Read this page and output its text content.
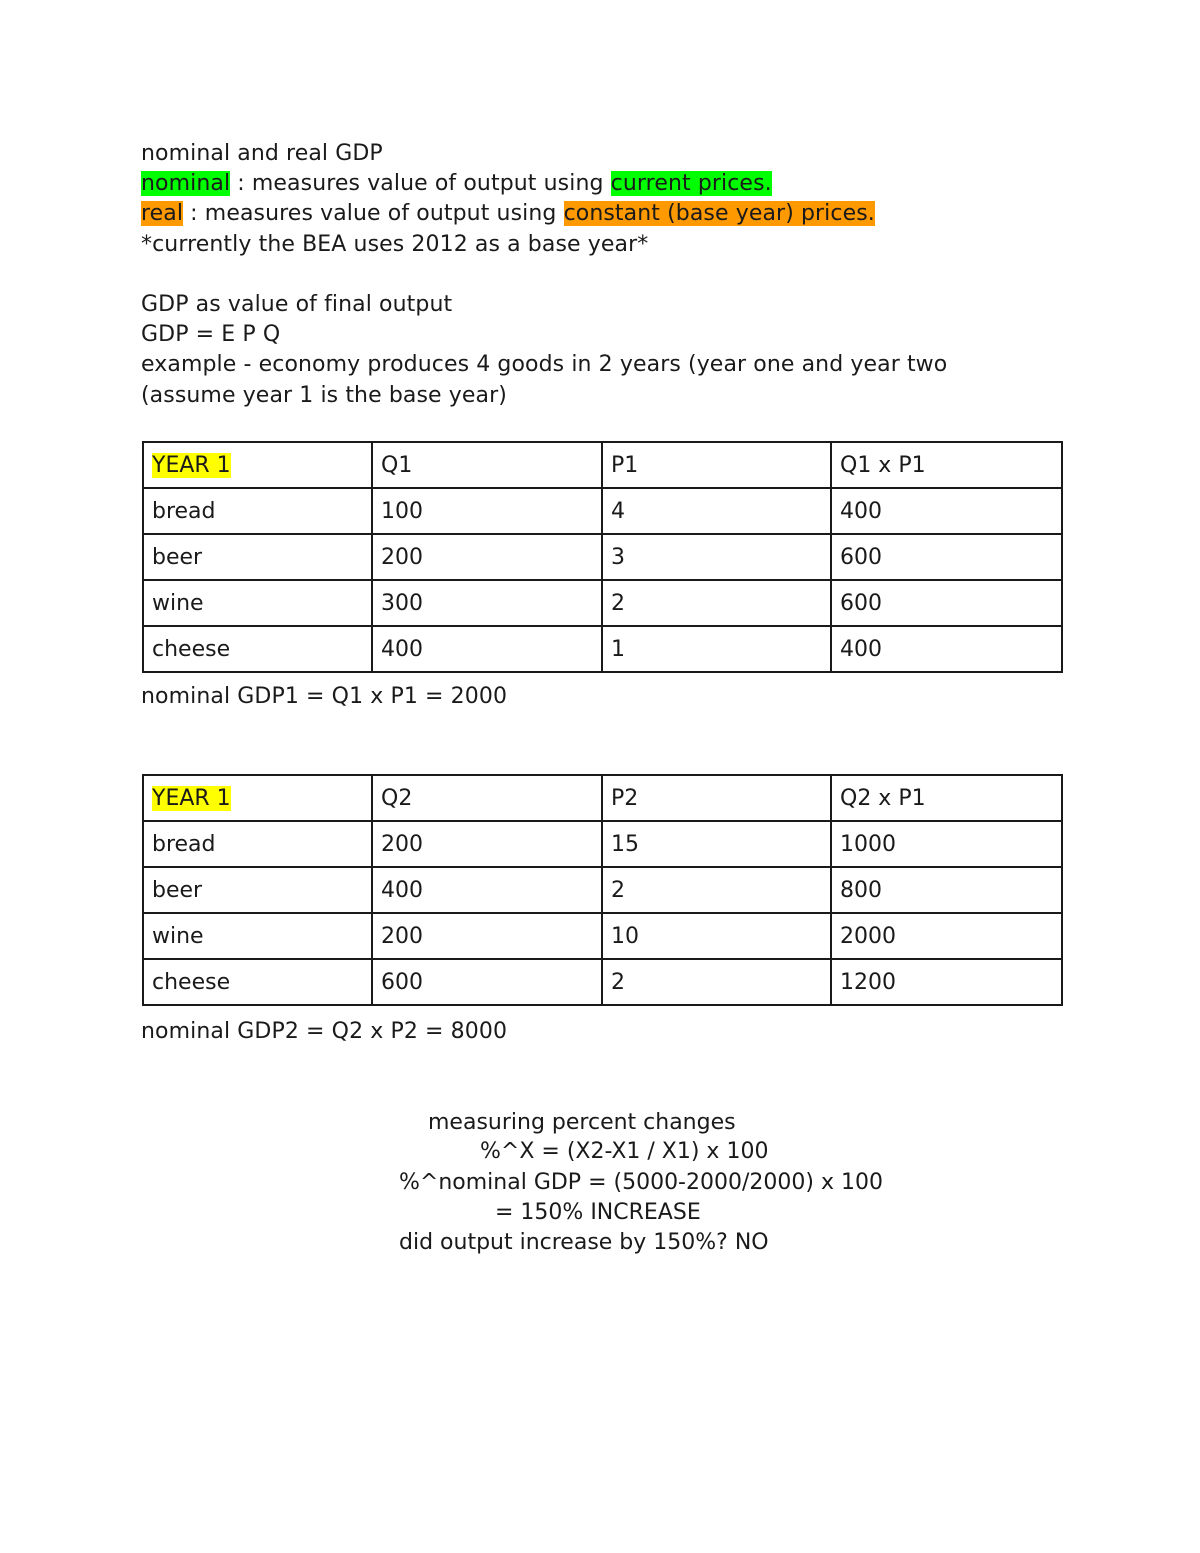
nominal and real GDP
nominal : measures value of output using current prices.
real : measures value of output using constant (base year) prices.
*currently the BEA uses 2012 as a base year*
GDP as value of final output
GDP = E P Q
example - economy produces 4 goods in 2 years (year one and year two
(assume year 1 is the base year)
YEAR 1	Q1	P1	Q1 x P1
bread	100	4	400
beer	200	3	600
wine	300	2	600
cheese	400	1	400
nominal GDP1 = Q1 x P1 = 2000
YEAR 1	Q2	P2	Q2 x P1
bread	200	15	1000
beer	400	2	800
wine	200	10	2000
cheese	600	2	1200
nominal GDP2 = Q2 x P2 = 8000
measuring percent changes
%^X = (X2-X1 / X1) x 100
%^nominal GDP = (5000-2000/2000) x 100
= 150% INCREASE
did output increase by 150%? NO
